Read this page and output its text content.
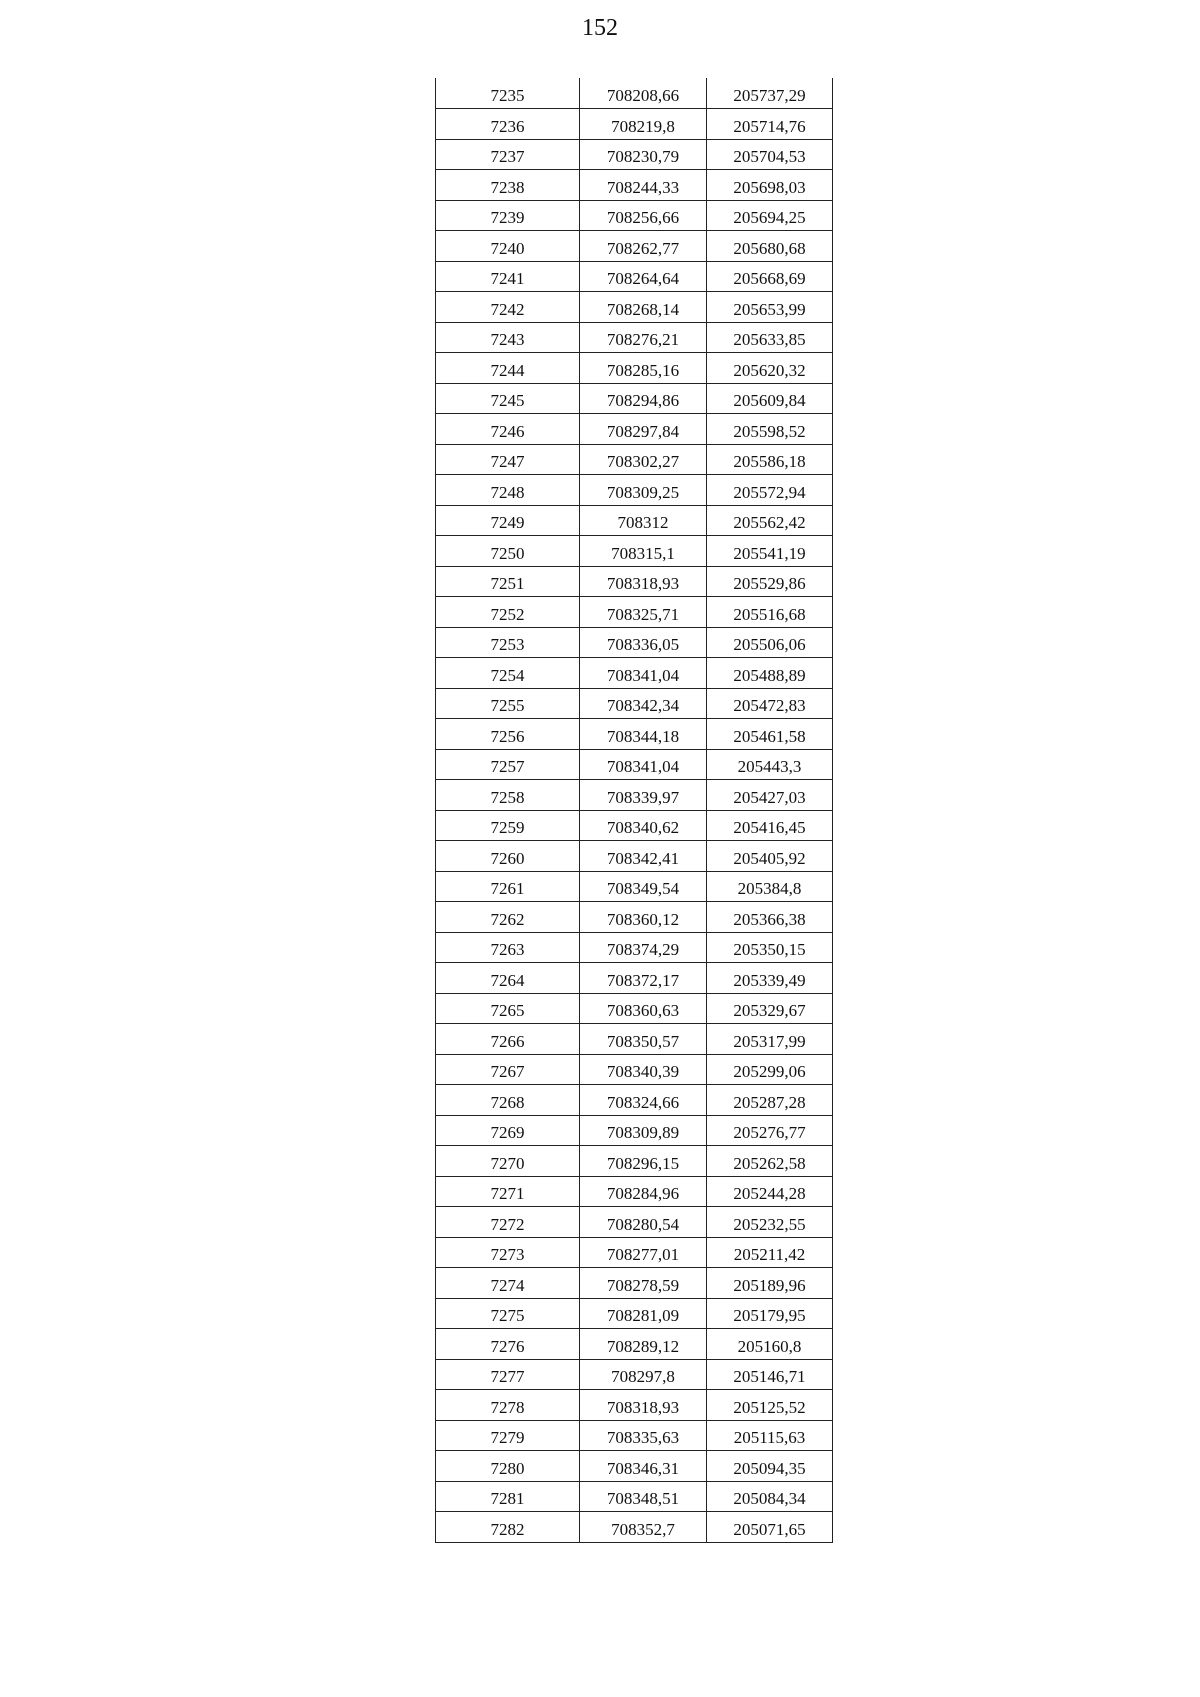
152
7235	708208,66	205737,29
7236	708219,8	205714,76
7237	708230,79	205704,53
7238	708244,33	205698,03
7239	708256,66	205694,25
7240	708262,77	205680,68
7241	708264,64	205668,69
7242	708268,14	205653,99
7243	708276,21	205633,85
7244	708285,16	205620,32
7245	708294,86	205609,84
7246	708297,84	205598,52
7247	708302,27	205586,18
7248	708309,25	205572,94
7249	708312	205562,42
7250	708315,1	205541,19
7251	708318,93	205529,86
7252	708325,71	205516,68
7253	708336,05	205506,06
7254	708341,04	205488,89
7255	708342,34	205472,83
7256	708344,18	205461,58
7257	708341,04	205443,3
7258	708339,97	205427,03
7259	708340,62	205416,45
7260	708342,41	205405,92
7261	708349,54	205384,8
7262	708360,12	205366,38
7263	708374,29	205350,15
7264	708372,17	205339,49
7265	708360,63	205329,67
7266	708350,57	205317,99
7267	708340,39	205299,06
7268	708324,66	205287,28
7269	708309,89	205276,77
7270	708296,15	205262,58
7271	708284,96	205244,28
7272	708280,54	205232,55
7273	708277,01	205211,42
7274	708278,59	205189,96
7275	708281,09	205179,95
7276	708289,12	205160,8
7277	708297,8	205146,71
7278	708318,93	205125,52
7279	708335,63	205115,63
7280	708346,31	205094,35
7281	708348,51	205084,34
7282	708352,7	205071,65
